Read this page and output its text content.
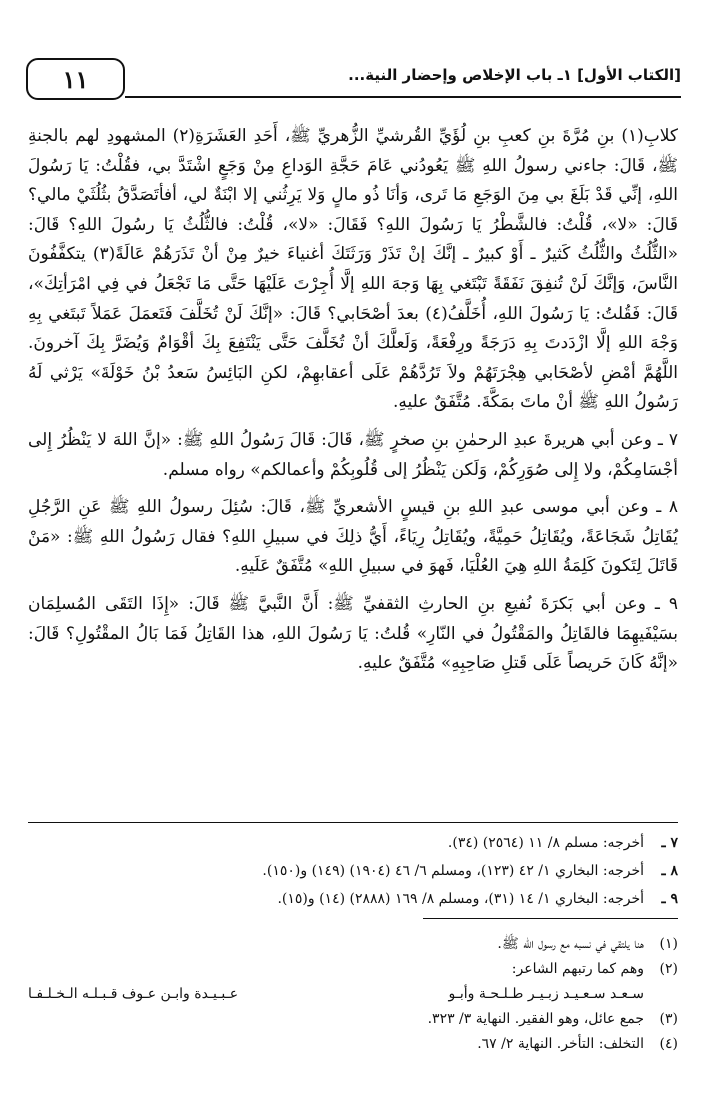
١١	[الكتاب الأول] ١ـ باب الإخلاص وإحضار النية...

كلابِ(١) بنِ مُرَّةَ بنِ كعبِ بنِ لُؤَيِّ القُرشيِّ الزُّهريِّ ﷺ، أَحَدِ العَشَرَةِ(٢) المشهودِ لهم بالجنةِ ﷺ، قَالَ: جاءني رسولُ اللهِ ﷺ يَعُودُني عَامَ حَجَّةِ الوَداعِ مِنْ وَجَعٍ اشْتَدَّ بي، فقُلْتُ: يَا رَسُولَ اللهِ، إنِّي قَدْ بَلَغَ بي مِنَ الوَجَعِ مَا تَرى، وَأنَا ذُو مالٍ وَلا يَرِثُني إلا ابْنَةٌ لي، أفأتَصَدَّقُ بثُلُثَيْ مالي؟ قَالَ: «لا»، قُلْتُ: فالشَّطْرُ يَا رَسُولَ اللهِ؟ فَقَالَ: «لا»، قُلْتُ: فالثُّلُثُ يَا رسُولَ اللهِ؟ قَالَ: «الثُّلُثُ والثُّلُثُ كَثيرٌ ـ أَوْ كبيرٌ ـ إنَّكَ إنْ تَذَرْ وَرَثَتَكَ أغنياءَ خيرٌ مِنْ أنْ تَذَرَهُمْ عَالَةً(٣) يتكفَّفُونَ النَّاسَ، وَإنَّكَ لَنْ تُنفِقَ نَفَقَةً تَبْتَغي بِهَا وَجهَ اللهِ إلَّا أُجِرْتَ عَلَيْهَا حَتَّى مَا تَجْعَلُ في فِي امْرَأتِكَ»، قَالَ: فَقُلتُ: يَا رَسُولَ اللهِ، أُخَلَّفُ(٤) بعدَ أصْحَابي؟ قَالَ: «إنَّكَ لَنْ تُخَلَّفَ فَتَعمَلَ عَمَلاً تَبتَغي بِهِ وَجْهَ اللهِ إلَّا ازْدَدتَ بِهِ دَرَجَةً ورِفْعَةً، وَلَعلَّكَ أنْ تُخَلَّفَ حَتَّى يَنْتَفِعَ بِكَ أقْوَامٌ وَيُضَرَّ بِكَ آخرونَ. اللَّهُمَّ أمْضِ لأصْحَابي هِجْرَتَهُمْ ولاَ تَرُدَّهُمْ عَلَى أعقابهِمْ، لكنِ البَائِسُ سَعدُ بْنُ خَوْلَةَ» يَرْثي لَهُ رَسُولُ اللهِ ﷺ أنْ ماتَ بمَكَّةَ. مُتَّفَقٌ عليهِ.

٧ ـ وعن أبي هريرةَ عبدِ الرحمٰنِ بنِ صخرٍ ﷺ، قَالَ: قَالَ رَسُولُ اللهِ ﷺ: «إنَّ اللهَ لا يَنْظُرُ إِلى أجْسَامِكُمْ، ولا إِلى صُوَرِكُمْ، وَلَكن يَنْظُرُ إلى قُلُوبِكُمْ وأعمالكم» رواه مسلم.

٨ ـ وعن أبي موسى عبدِ اللهِ بنِ قيسٍ الأشعريِّ ﷺ، قَالَ: سُئِلَ رسولُ اللهِ ﷺ عَنِ الرَّجُلِ يُقَاتِلُ شَجَاعَةً، ويُقَاتِلُ حَمِيَّةً، ويُقَاتِلُ رِيَاءً، أَيُّ ذلِكَ في سبيلِ اللهِ؟ فقال رَسُولُ اللهِ ﷺ: «مَنْ قَاتَلَ لِتَكونَ كَلِمَةُ اللهِ هِيَ العُلْيَا، فَهوَ في سبيلِ اللهِ» مُتَّفَقٌ عَلَيهِ.

٩ ـ وعن أبي بَكرَةَ نُفيعِ بنِ الحارثِ الثقفيِّ ﷺ: أَنَّ النَّبيَّ ﷺ قَالَ: «إِذَا التَقَى المُسلِمَان بسَيْفَيهِمَا فالقَاتِلُ والمَقْتُولُ في النّارِ» قُلتُ: يَا رَسُولَ اللهِ، هذا القَاتِلُ فَمَا بَالُ المقْتُولِ؟ قَالَ: «إنَّهُ كَانَ حَريصاً عَلَى قَتلِ صَاحِبِهِ» مُتَّفَقٌ عليهِ.

٧ ـ
أخرجه: مسلم ٨/ ١١ (٢٥٦٤) (٣٤).
٨ ـ
أخرجه: البخاري ١/ ٤٢ (١٢٣)، ومسلم ٦/ ٤٦ (١٩٠٤) (١٤٩) و(١٥٠).
٩ ـ
أخرجه: البخاري ١/ ١٤ (٣١)، ومسلم ٨/ ١٦٩ (٢٨٨٨) (١٤) و(١٥).
(١)
هنا يلتقي في نسبه مع رسول الله ﷺ.
(٢)
وهم كما رتبهم الشاعر:
سـعـد سـعـيـد زبـيـر طـلـحـة وأبـو
عـبـيـدة وابـن عـوف قـبـلـه الـخـلـفـا
(٣)
جمع عائل، وهو الفقير. النهاية ٣/ ٣٢٣.
(٤)
التخلف: التأخر. النهاية ٢/ ٦٧.
